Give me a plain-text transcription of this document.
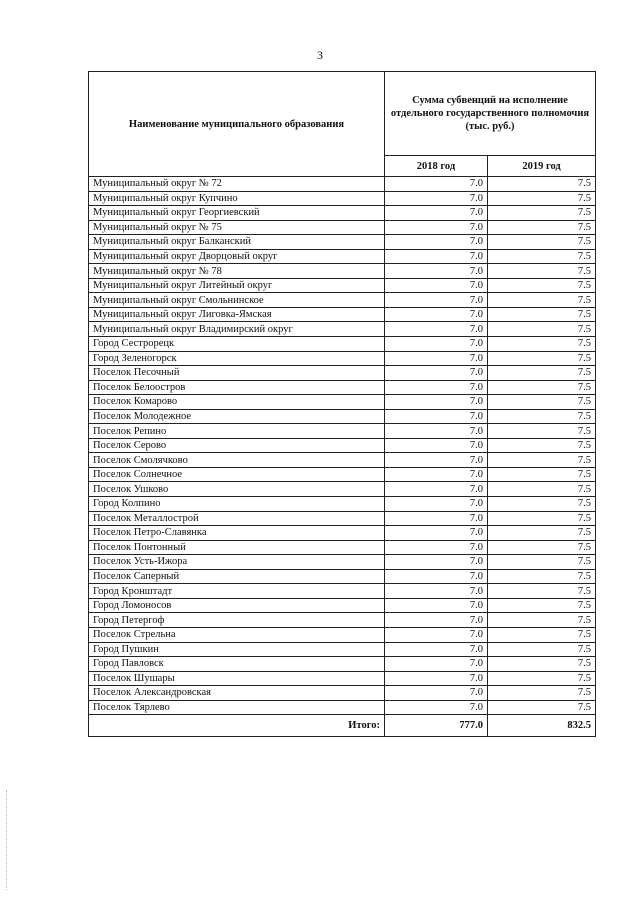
3
Наименование муниципального образования	Сумма субвенций на исполнение отдельного государственного полномочия (тыс. руб.)	
	2018 год	2019 год
Муниципальный округ № 72	7.0	7.5
Муниципальный округ Купчино	7.0	7.5
Муниципальный округ Георгиевский	7.0	7.5
Муниципальный округ № 75	7.0	7.5
Муниципальный округ Балканский	7.0	7.5
Муниципальный округ Дворцовый округ	7.0	7.5
Муниципальный округ № 78	7.0	7.5
Муниципальный округ Литейный округ	7.0	7.5
Муниципальный округ Смольнинское	7.0	7.5
Муниципальный округ Лиговка-Ямская	7.0	7.5
Муниципальный округ Владимирский округ	7.0	7.5
Город Сестрорецк	7.0	7.5
Город Зеленогорск	7.0	7.5
Поселок Песочный	7.0	7.5
Поселок Белоостров	7.0	7.5
Поселок Комарово	7.0	7.5
Поселок Молодежное	7.0	7.5
Поселок Репино	7.0	7.5
Поселок Серово	7.0	7.5
Поселок Смолячково	7.0	7.5
Поселок Солнечное	7.0	7.5
Поселок Ушково	7.0	7.5
Город Колпино	7.0	7.5
Поселок Металлострой	7.0	7.5
Поселок Петро-Славянка	7.0	7.5
Поселок Понтонный	7.0	7.5
Поселок Усть-Ижора	7.0	7.5
Поселок Саперный	7.0	7.5
Город Кронштадт	7.0	7.5
Город Ломоносов	7.0	7.5
Город Петергоф	7.0	7.5
Поселок Стрельна	7.0	7.5
Город Пушкин	7.0	7.5
Город Павловск	7.0	7.5
Поселок Шушары	7.0	7.5
Поселок Александровская	7.0	7.5
Поселок Тярлево	7.0	7.5
Итого:	777.0	832.5
